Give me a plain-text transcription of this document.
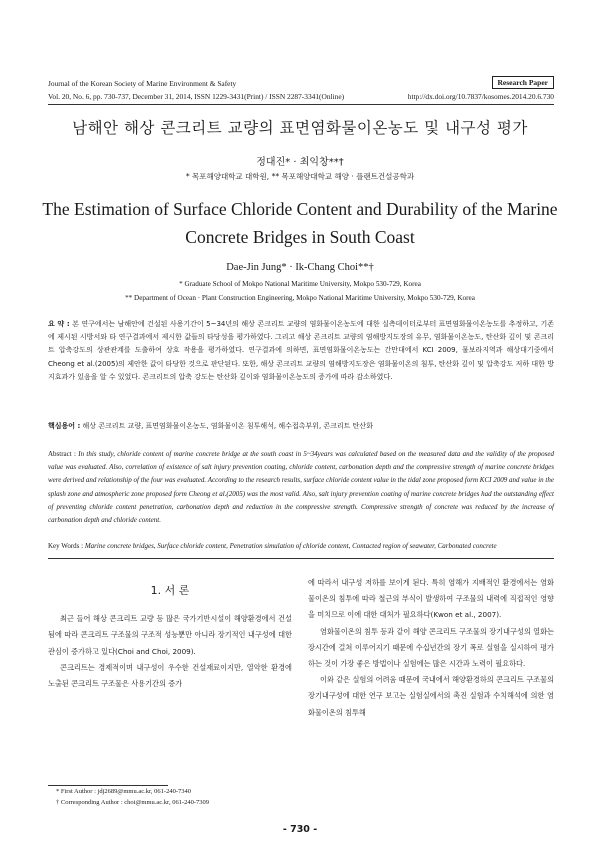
Journal of the Korean Society of Marine Environment & Safety	Research Paper
Vol. 20, No. 6, pp. 730-737, December 31, 2014, ISSN 1229-3431(Print) / ISSN 2287-3341(Online)	http://dx.doi.org/10.7837/kosomes.2014.20.6.730
남해안 해상 콘크리트 교량의 표면염화물이온농도 및 내구성 평가
정대진* · 최익창**†
* 목포해양대학교 대학원, ** 목포해양대학교 해양 · 플랜트건설공학과
The Estimation of Surface Chloride Content and Durability of the Marine Concrete Bridges in South Coast
Dae-Jin Jung* · Ik-Chang Choi**†
* Graduate School of Mokpo National Maritime University, Mokpo 530-729, Korea
** Department of Ocean · Plant Construction Engineering, Mokpo National Maritime University, Mokpo 530-729, Korea
요 약 : 본 연구에서는 남해안에 건설된 사용기간이 5~34년의 해상 콘크리트 교량의 염화물이온농도에 대한 실측데이터로부터 표면염화물이온농도를 추정하고, 기존에 제시된 시방서와 타 연구결과에서 제시한 값들의 타당성을 평가하였다. 그리고 해상 콘크리트 교량의 염해방지도장의 유무, 염화물이온농도, 탄산화 깊이 및 콘크리트 압축강도의 상관관계를 도출하여 상호 작용을 평가하였다. 연구결과에 의하면, 표면염화물이온농도는 간만대에서 KCI 2009, 물보라지역과 해상대기중에서 Cheong et al.(2005)의 제안한 값이 타당한 것으로 판단된다. 또한, 해상 콘크리트 교량의 염해방지도장은 염화물이온의 침투, 탄산화 깊이 및 압축강도 저하 대한 방지효과가 있음을 알 수 있었다. 콘크리트의 압축 강도는 탄산화 깊이와 염화물이온농도의 증가에 따라 감소하였다.
핵심용어 : 해상 콘크리트 교량, 표면염화물이온농도, 염화물이온 침투해석, 해수접촉부위, 콘크리트 탄산화
Abstract : In this study, chloride content of marine concrete bridge at the south coast in 5~34years was calculated based on the measured data and the validity of the proposed value was evaluated. Also, correlation of existence of salt injury prevention coating, chloride content, carbonation depth and the compressive strength of marine concrete bridges were derived and relationship of the four was evaluated. According to the research results, surface chloride content value in the tidal zone proposed form KCI 2009 and value in the splash zone and atmospheric zone proposed form Cheong et al.(2005) was the most valid. Also, salt injury prevention coating of marine concrete bridges had the outstanding effect of preventing chloride content penetration, carbonation depth and reduction in the compressive strength. Compressive strength of concrete was reduced by the increase of carbonation depth and chloride content.
Key Words : Marine concrete bridges, Surface chloride content, Penetration simulation of chloride content, Contacted region of seawater, Carbonated concrete
1. 서 론

최근 들어 해상 콘크리트 교량 등 많은 국가기반시설이 해양환경에서 건설됨에 따라 콘크리트 구조물의 구조적 성능뿐만 아니라 장기적인 내구성에 대한 관심이 증가하고 있다(Choi and Choi, 2009).

콘크리트는 경제적이며 내구성이 우수한 건설재료이지만, 열악한 환경에 노출된 콘크리트 구조물은 사용기간의 증가

에 따라서 내구성 저하를 보이게 된다. 특히 염해가 지배적인 환경에서는 염화물이온의 침투에 따라 철근의 부식이 발생하여 구조물의 내력에 직접적인 영향을 미치므로 이에 대한 대처가 필요하다(Kwon et al., 2007).

염화물이온의 침투 등과 같이 해양 콘크리트 구조물의 장기내구성의 열화는 장시간에 걸쳐 이루어지기 때문에 수십년간의 장기 폭로 실험을 실시하여 평가하는 것이 가장 좋은 방법이나 실험에는 많은 시간과 노력이 필요하다.

이와 같은 실험의 어려움 때문에 국내에서 해양환경하의 콘크리트 구조물의 장기내구성에 대한 연구 보고는 실험실에서의 촉진 실험과 수치해석에 의한 염화물이온의 침투해

* First Author : jdj2689@mmu.ac.kr, 061-240-7340
† Corresponding Author : choi@mmu.ac.kr, 061-240-7309
- 730 -
